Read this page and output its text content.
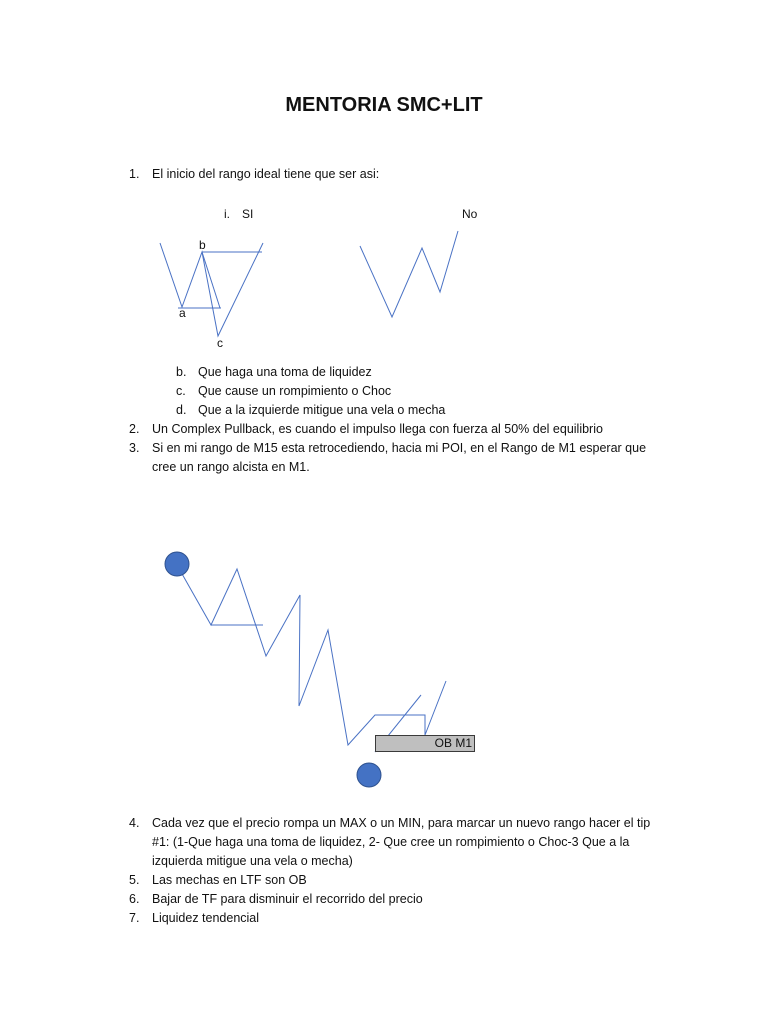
MENTORIA SMC+LIT
1. El inicio del rango ideal tiene que ser asi:
i. SI	No
b
a
c
OB M1
b. Que haga una toma de liquidez
c. Que cause un rompimiento o Choc
d. Que a la izquierde mitigue una vela o mecha
2. Un Complex Pullback, es cuando el impulso llega con fuerza al 50% del equilibrio
3. Si en mi rango de M15 esta retrocediendo, hacia mi POI, en el Rango de M1 esperar que
cree un rango alcista en M1.
4. Cada vez que el precio rompa un MAX o un MIN, para marcar un nuevo rango hacer el tip
#1: (1-Que haga una toma de liquidez, 2- Que cree un rompimiento o Choc-3 Que a la
izquierda mitigue una vela o mecha)
5. Las mechas en LTF son OB
6. Bajar de TF para disminuir el recorrido del precio
7. Liquidez tendencial
